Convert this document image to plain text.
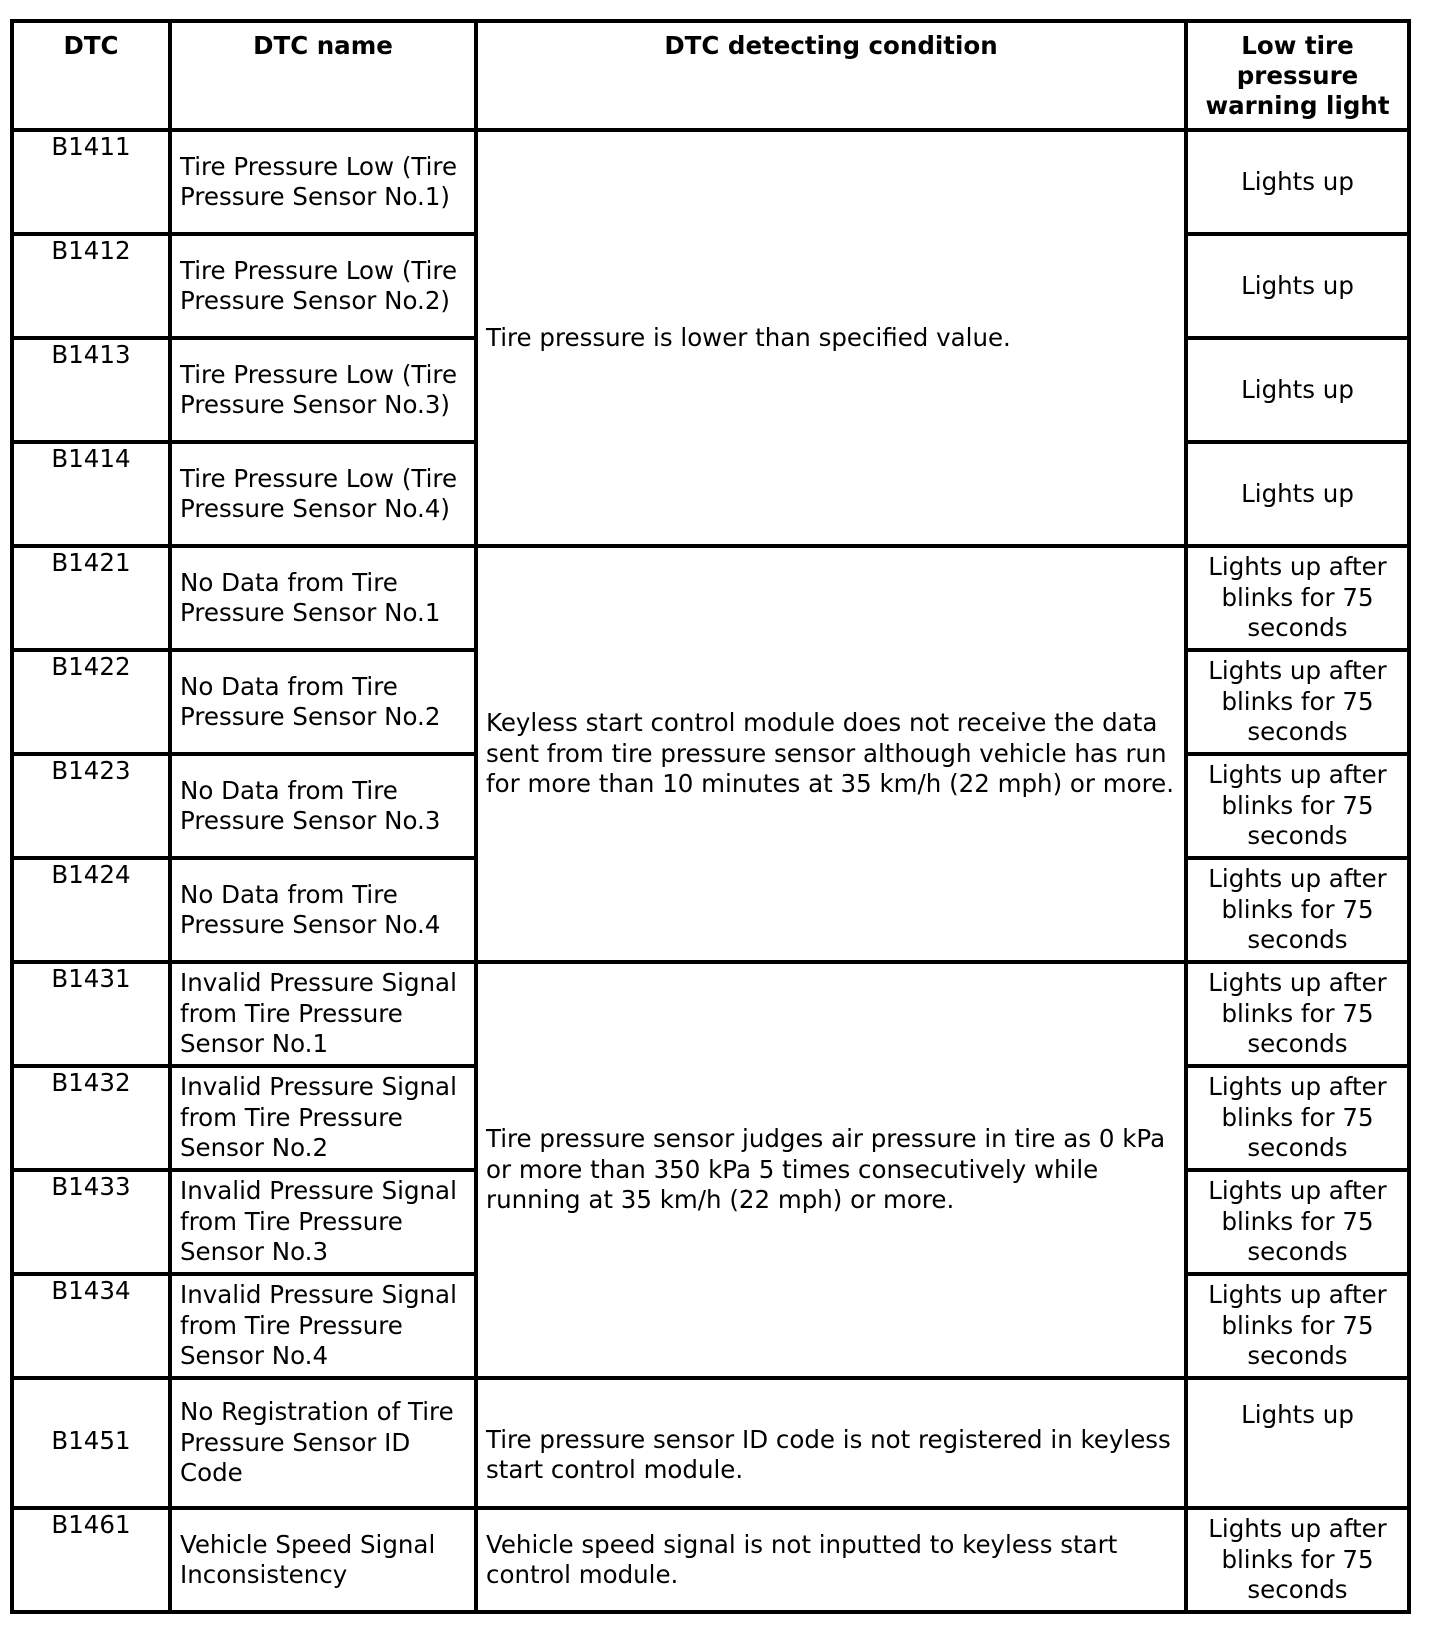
DTC	DTC name	DTC detecting condition	Low tire pressure warning light
B1411	Tire Pressure Low (Tire Pressure Sensor No.1)	Tire pressure is lower than specified value.	Lights up
B1412	Tire Pressure Low (Tire Pressure Sensor No.2)		Lights up
B1413	Tire Pressure Low (Tire Pressure Sensor No.3)		Lights up
B1414	Tire Pressure Low (Tire Pressure Sensor No.4)		Lights up
B1421	No Data from Tire Pressure Sensor No.1	Keyless start control module does not receive the data sent from tire pressure sensor although vehicle has run for more than 10 minutes at 35 km/h (22 mph) or more.	Lights up after blinks for 75 seconds
B1422	No Data from Tire Pressure Sensor No.2		Lights up after blinks for 75 seconds
B1423	No Data from Tire Pressure Sensor No.3		Lights up after blinks for 75 seconds
B1424	No Data from Tire Pressure Sensor No.4		Lights up after blinks for 75 seconds
B1431	Invalid Pressure Signal from Tire Pressure Sensor No.1	Tire pressure sensor judges air pressure in tire as 0 kPa or more than 350 kPa 5 times consecutively while running at 35 km/h (22 mph) or more.	Lights up after blinks for 75 seconds
B1432	Invalid Pressure Signal from Tire Pressure Sensor No.2		Lights up after blinks for 75 seconds
B1433	Invalid Pressure Signal from Tire Pressure Sensor No.3		Lights up after blinks for 75 seconds
B1434	Invalid Pressure Signal from Tire Pressure Sensor No.4		Lights up after blinks for 75 seconds
B1451	No Registration of Tire Pressure Sensor ID Code	Tire pressure sensor ID code is not registered in keyless start control module.	Lights up
B1461	Vehicle Speed Signal Inconsistency	Vehicle speed signal is not inputted to keyless start control module.	Lights up after blinks for 75 seconds
